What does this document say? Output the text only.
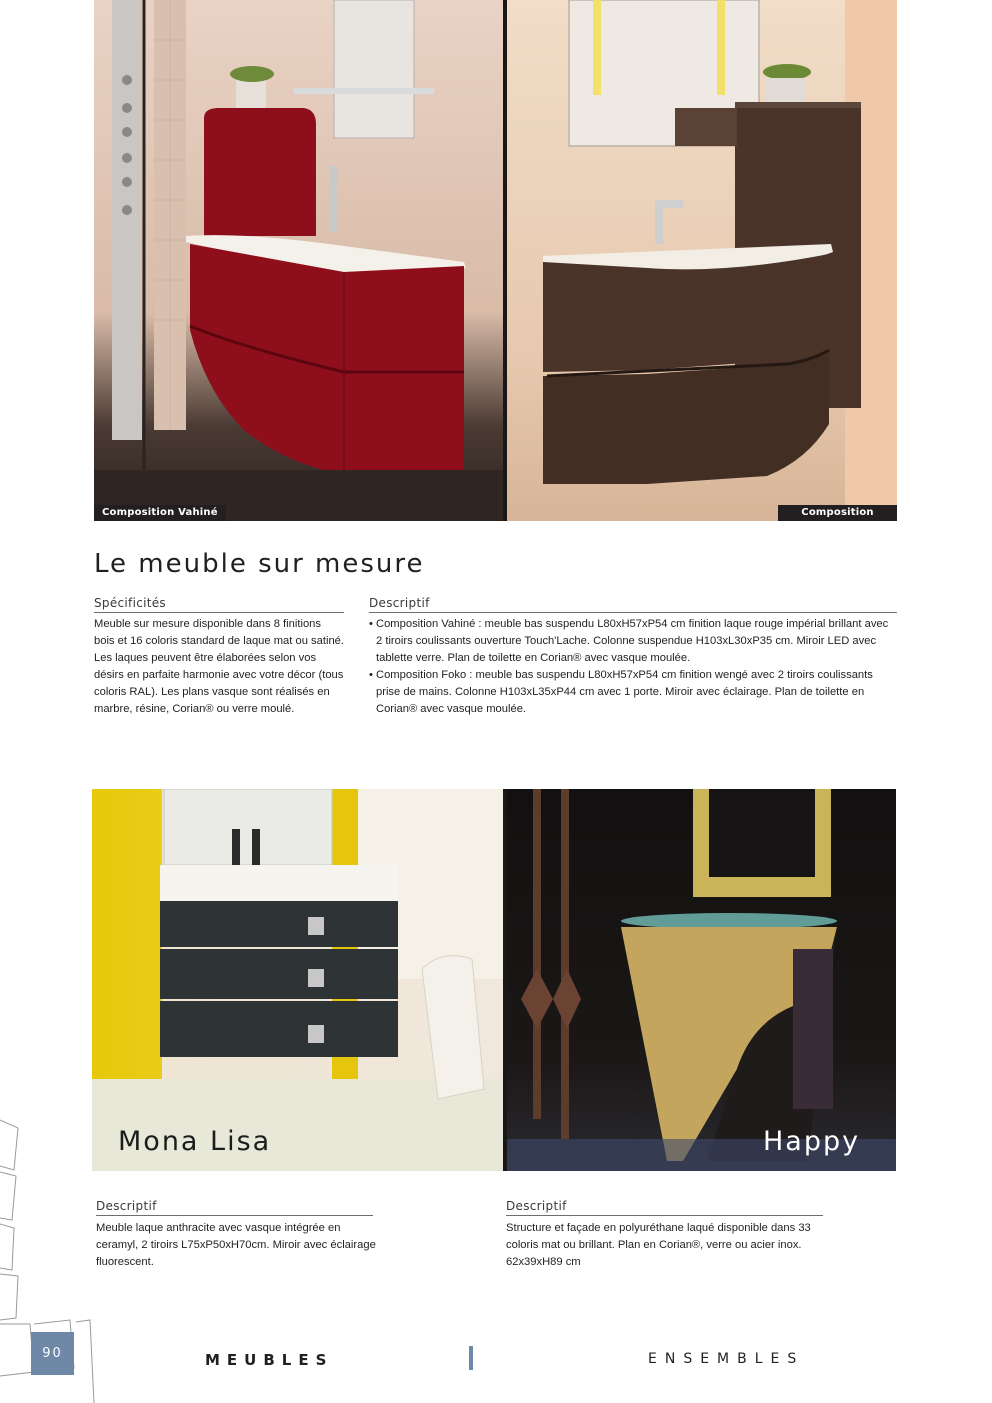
Composition Vahiné	Composition Foko
Le meuble sur mesure
Spécificités
Meuble sur mesure disponible dans 8 finitions bois et 16 coloris standard de laque mat ou satiné. Les laques peuvent être élaborées selon vos désirs en parfaite harmonie avec votre décor (tous coloris RAL). Les plans vasque sont réalisés en marbre, résine, Corian® ou verre moulé.
Descriptif
• Composition Vahiné : meuble bas suspendu L80xH57xP54 cm finition laque rouge impérial brillant avec 2 tiroirs coulissants ouverture Touch'Lache. Colonne suspendue H103xL30xP35 cm. Miroir LED avec tablette verre. Plan de toilette en Corian® avec vasque moulée.
• Composition Foko : meuble bas suspendu L80xH57xP54 cm finition wengé avec 2 tiroirs coulissants prise de mains. Colonne H103xL35xP44 cm avec 1 porte. Miroir avec éclairage. Plan de toilette en Corian® avec vasque moulée.
Mona Lisa	Happy
Descriptif
Meuble laque anthracite avec vasque intégrée en ceramyl, 2 tiroirs L75xP50xH70cm. Miroir avec éclairage fluorescent.
Descriptif
Structure et façade en polyuréthane laqué disponible dans 33 coloris mat ou brillant. Plan en Corian®, verre ou acier inox. 62x39xH89 cm
90	MEUBLES	ENSEMBLES
